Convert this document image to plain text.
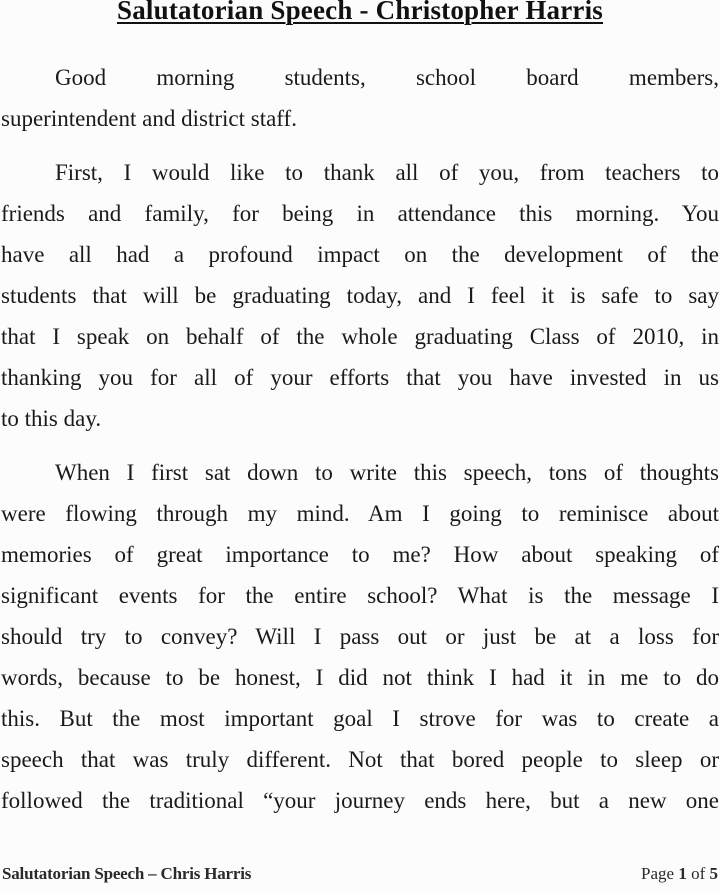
Salutatorian Speech - Christopher Harris
Good morning students, school board members,
superintendent and district staff.
First, I would like to thank all of you, from teachers to
friends and family, for being in attendance this morning. You
have all had a profound impact on the development of the
students that will be graduating today, and I feel it is safe to say
that I speak on behalf of the whole graduating Class of 2010, in
thanking you for all of your efforts that you have invested in us
to this day.
When I first sat down to write this speech, tons of thoughts
were flowing through my mind. Am I going to reminisce about
memories of great importance to me? How about speaking of
significant events for the entire school? What is the message I
should try to convey? Will I pass out or just be at a loss for
words, because to be honest, I did not think I had it in me to do
this. But the most important goal I strove for was to create a
speech that was truly different. Not that bored people to sleep or
followed the traditional “your journey ends here, but a new one
Salutatorian Speech – Chris Harris	Page 1 of 5
